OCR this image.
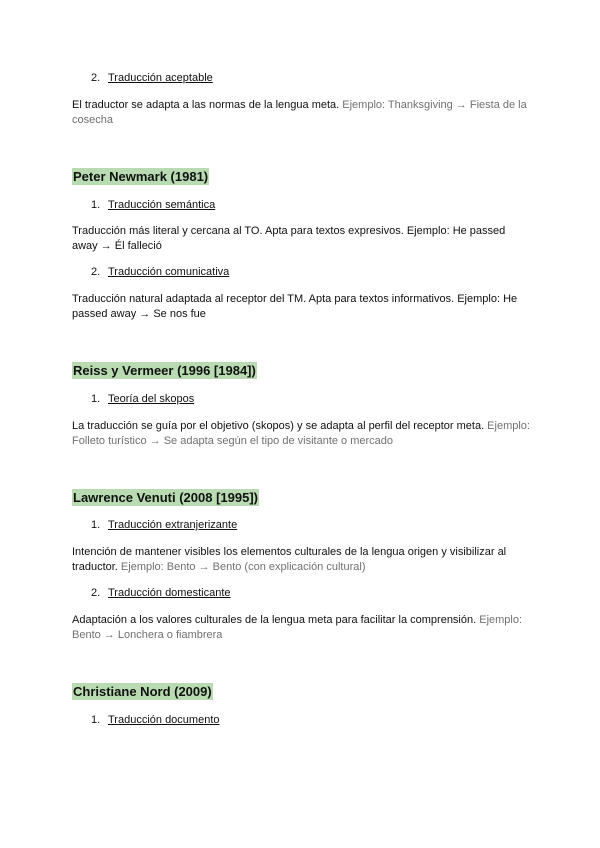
2. Traducción aceptable
El traductor se adapta a las normas de la lengua meta. Ejemplo: Thanksgiving → Fiesta de la cosecha
Peter Newmark (1981)
1. Traducción semántica
Traducción más literal y cercana al TO. Apta para textos expresivos. Ejemplo: He passed away → Él falleció
2. Traducción comunicativa
Traducción natural adaptada al receptor del TM. Apta para textos informativos. Ejemplo: He passed away → Se nos fue
Reiss y Vermeer (1996 [1984])
1. Teoría del skopos
La traducción se guía por el objetivo (skopos) y se adapta al perfil del receptor meta. Ejemplo: Folleto turístico → Se adapta según el tipo de visitante o mercado
Lawrence Venuti (2008 [1995])
1. Traducción extranjerizante
Intención de mantener visibles los elementos culturales de la lengua origen y visibilizar al traductor. Ejemplo: Bento → Bento (con explicación cultural)
2. Traducción domesticante
Adaptación a los valores culturales de la lengua meta para facilitar la comprensión. Ejemplo: Bento → Lonchera o fiambrera
Christiane Nord (2009)
1. Traducción documento
